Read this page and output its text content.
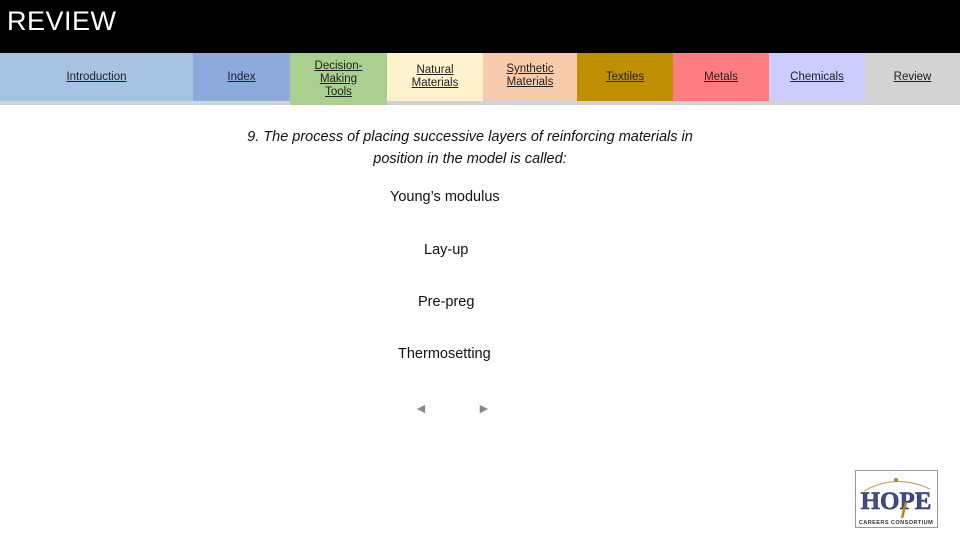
REVIEW
Introduction	Index
Decision-Making Tools
Natural Materials
Synthetic Materials	Textiles	Metals	Chemicals	Review
9. The process of placing successive layers of reinforcing materials in position in the model is called:
Young’s modulus
Lay-up
Pre-preg
Thermosetting
◄	►
HOPE
CAREERS CONSORTIUM
